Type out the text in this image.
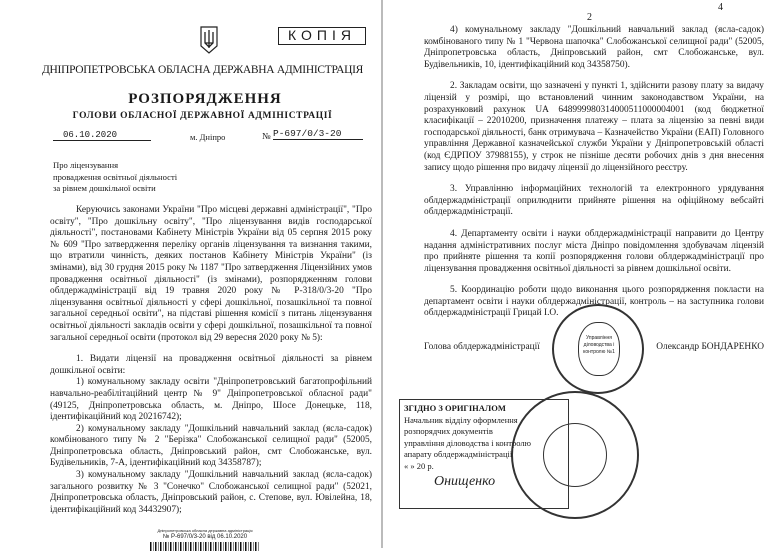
КОПІЯ
ДНІПРОПЕТРОВСЬКА ОБЛАСНА ДЕРЖАВНА АДМІНІСТРАЦІЯ
РОЗПОРЯДЖЕННЯ
ГОЛОВИ ОБЛАСНОЇ ДЕРЖАВНОЇ АДМІНІСТРАЦІЇ
06.10.2020	м. Дніпро	№ Р-697/0/3-20
Про ліцензування
провадження освітньої діяльності
за рівнем дошкільної освіти
Керуючись законами України "Про місцеві державні адміністрації", "Про освіту", "Про дошкільну освіту", "Про ліцензування видів господарської діяльності", постановами Кабінету Міністрів України від 05 серпня 2015 року № 609 "Про затвердження переліку органів ліцензування та визнання такими, що втратили чинність, деяких постанов Кабінету Міністрів України" (із змінами), від 30 грудня 2015 року № 1187 "Про затвердження Ліцензійних умов провадження освітньої діяльності" (із змінами), розпорядженням голови облдержадміністрації від 19 травня 2020 року № Р-318/0/3-20 "Про ліцензування освітньої діяльності у сфері дошкільної, позашкільної та повної загальної середньої освіти", на підставі рішення комісії з питань ліцензування освітньої діяльності закладів освіти у сфері дошкільної, позашкільної та повної загальної середньої освіти (протокол від 29 вересня 2020 року № 5):
1. Видати ліцензії на провадження освітньої діяльності за рівнем дошкільної освіти:
1) комунальному закладу освіти "Дніпропетровський багатопрофільний навчально-реабілітаційний центр № 9" Дніпропетровської обласної ради" (49125, Дніпропетровська область, м. Дніпро, Шосе Донецьке, 118, ідентифікаційний код 20216742);
2) комунальному закладу "Дошкільний навчальний заклад (ясла-садок) комбінованого типу № 2 "Берізка" Слобожанської селищної ради" (52005, Дніпропетровська область, Дніпровський район, смт Слобожанське, вул. Будівельників, 7-А, ідентифікаційний код 34358787);
3) комунальному закладу "Дошкільний навчальний заклад (ясла-садок) загального розвитку № 3 "Сонечко" Слобожанської селищної ради" (52021, Дніпропетровська область, Дніпровський район, с. Степове, вул. Ювілейна, 18, ідентифікаційний код 34432907);
Дніпропетровська обласна державна адміністрація
№ Р-697/0/3-20 від 06.10.2020
2
4
4) комунальному закладу "Дошкільний навчальний заклад (ясла-садок) комбінованого типу № 1 "Червона шапочка" Слобожанської селищної ради" (52005, Дніпропетровська область, Дніпровський район, смт Слобожанське, вул. Будівельників, 10, ідентифікаційний код 34358750).
2. Закладам освіти, що зазначені у пункті 1, здійснити разову плату за видачу ліцензій у розмірі, що встановлений чинним законодавством України, на розрахунковий рахунок UA 648999980314000511000004001 (код бюджетної класифікації – 22010200, призначення платежу – плата за ліцензію за певні види господарської діяльності, банк отримувача – Казначейство України (ЕАП) Головного управління Державної казначейської служби України у Дніпропетровській області (код ЄДРПОУ 37988155), у строк не пізніше десяти робочих днів з дня внесення запису щодо рішення про видачу ліцензії до ліцензійного реєстру.
3. Управлінню інформаційних технологій та електронного урядування облдержадміністрації оприлюднити прийняте рішення на офіційному вебсайті облдержадміністрації.
4. Департаменту освіти і науки облдержадміністрації направити до Центру надання адміністративних послуг міста Дніпро повідомлення здобувачам ліцензій про прийняте рішення та копії розпорядження голови облдержадміністрації про ліцензування провадження освітньої діяльності за рівнем дошкільної освіти.
5. Координацію роботи щодо виконання цього розпорядження покласти на департамент освіти і науки облдержадміністрації, контроль – на заступника голови облдержадміністрації Грицай І.О.
Управління діловодства і контролю №1
Голова облдержадміністрації	Олександр БОНДАРЕНКО
ЗГІДНО З ОРИГІНАЛОМ
Начальник відділу оформлення
розпорядчих документів
управління діловодства і контролю
апарату облдержадміністрації
« » 20 р.
Онищенко
